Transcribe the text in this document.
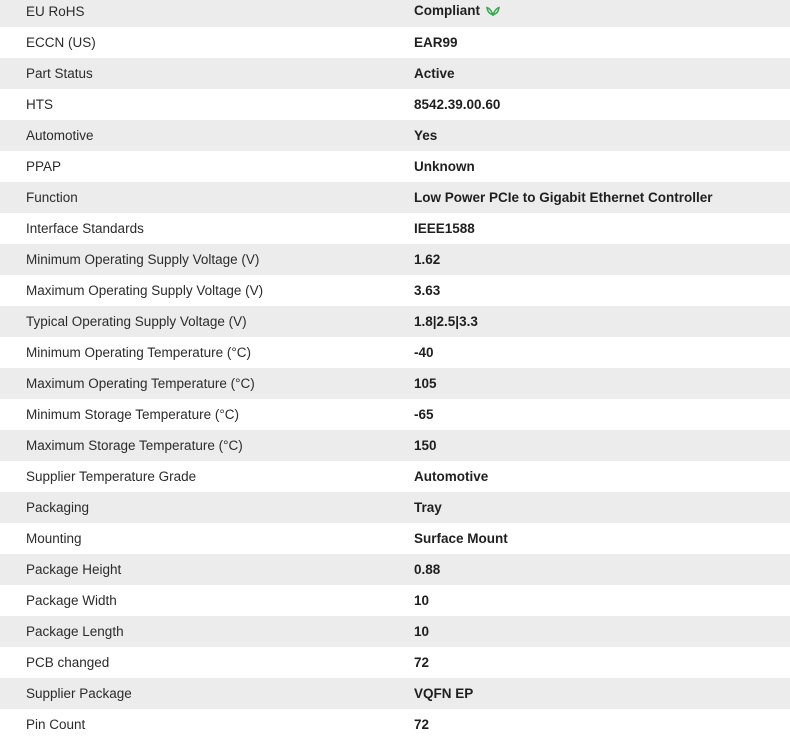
EU RoHS	Compliant
ECCN (US)	EAR99
Part Status	Active
HTS	8542.39.00.60
Automotive	Yes
PPAP	Unknown
Function	Low Power PCIe to Gigabit Ethernet Controller
Interface Standards	IEEE1588
Minimum Operating Supply Voltage (V)	1.62
Maximum Operating Supply Voltage (V)	3.63
Typical Operating Supply Voltage (V)	1.8|2.5|3.3
Minimum Operating Temperature (°C)	-40
Maximum Operating Temperature (°C)	105
Minimum Storage Temperature (°C)	-65
Maximum Storage Temperature (°C)	150
Supplier Temperature Grade	Automotive
Packaging	Tray
Mounting	Surface Mount
Package Height	0.88
Package Width	10
Package Length	10
PCB changed	72
Supplier Package	VQFN EP
Pin Count	72
